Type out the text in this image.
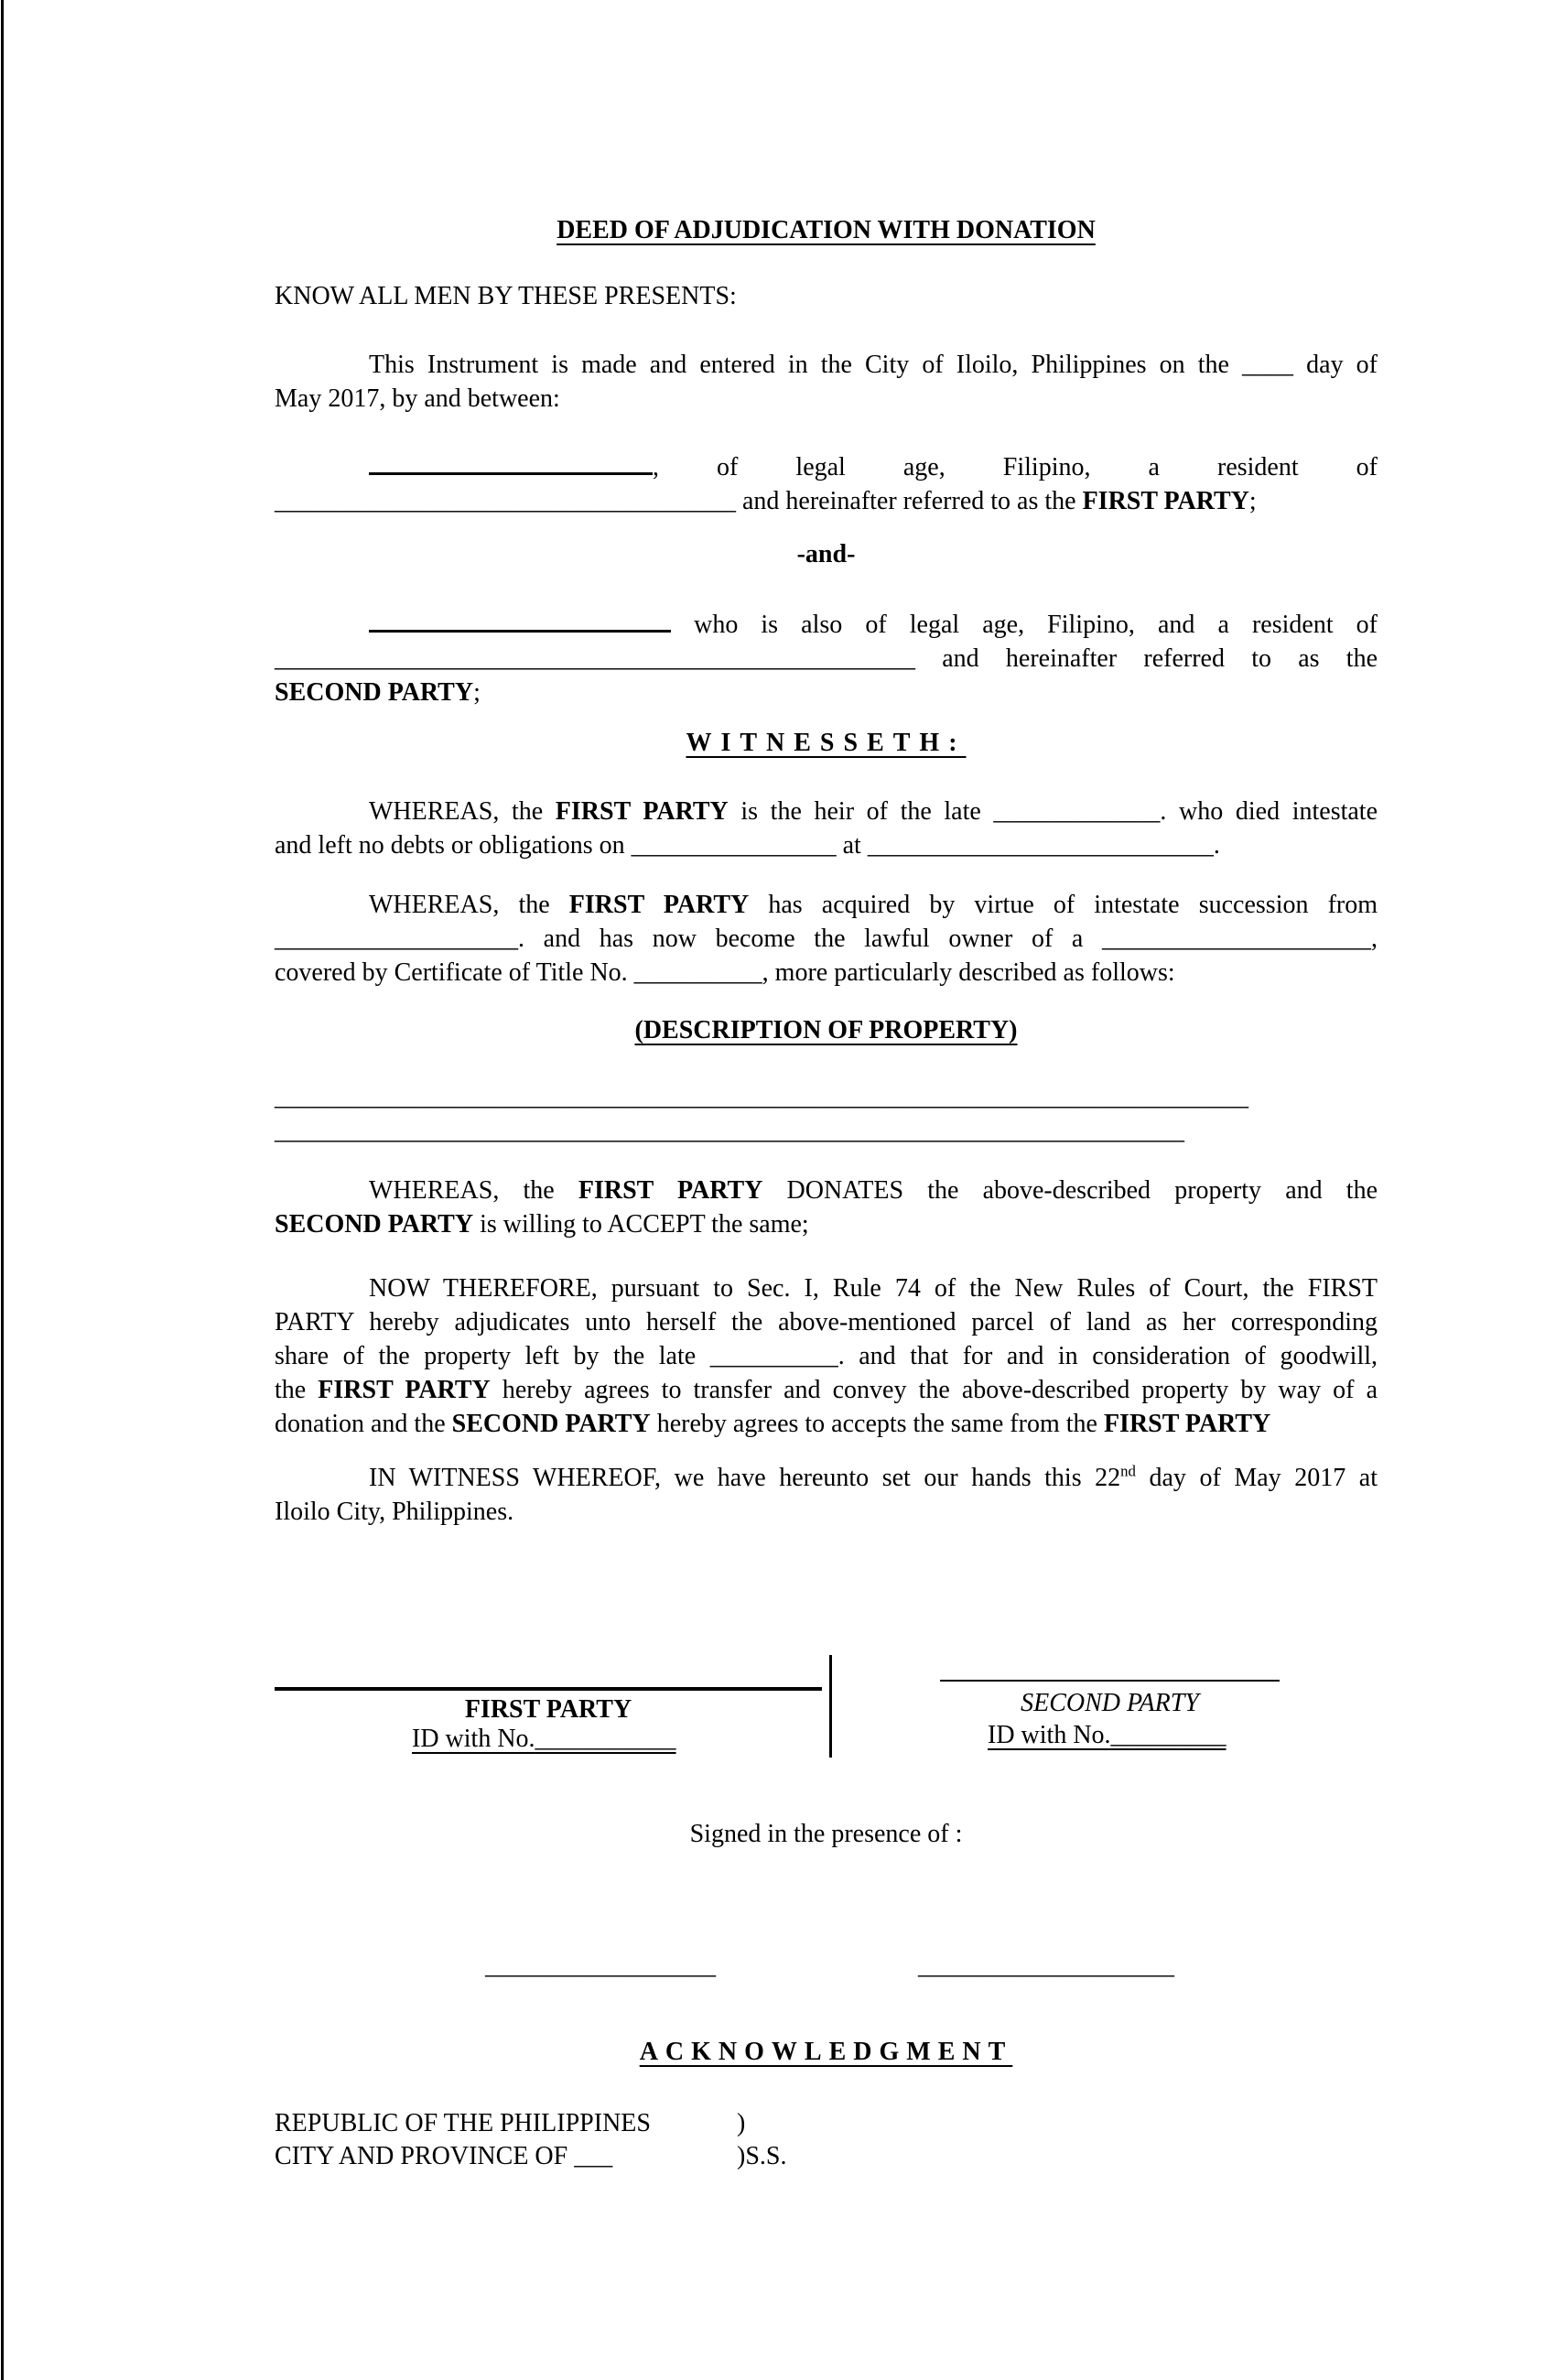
DEED OF ADJUDICATION WITH DONATION
KNOW ALL MEN BY THESE PRESENTS:
This Instrument is made and entered in the City of Iloilo, Philippines on the ____ day of
May 2017, by and between:
, of legal age, Filipino, a resident of
____________________________________ and hereinafter referred to as the FIRST PARTY;
-and-
who is also of legal age, Filipino, and a resident of
__________________________________________________ and hereinafter referred to as the
SECOND PARTY;
WITNESSETH:
WHEREAS, the FIRST PARTY is the heir of the late _____________. who died intestate
and left no debts or obligations on ________________ at ___________________________.
WHEREAS, the FIRST PARTY has acquired by virtue of intestate succession from
___________________. and has now become the lawful owner of a _____________________,
covered by Certificate of Title No. __________, more particularly described as follows:
(DESCRIPTION OF PROPERTY)
____________________________________________________________________________
_______________________________________________________________________
WHEREAS, the FIRST PARTY DONATES the above-described property and the
SECOND PARTY is willing to ACCEPT the same;
NOW THEREFORE, pursuant to Sec. I, Rule 74 of the New Rules of Court, the FIRST
PARTY hereby adjudicates unto herself the above-mentioned parcel of land as her corresponding
share of the property left by the late __________. and that for and in consideration of goodwill,
the FIRST PARTY hereby agrees to transfer and convey the above-described property by way of a
donation and the SECOND PARTY hereby agrees to accepts the same from the FIRST PARTY
IN WITNESS WHEREOF, we have hereunto set our hands this 22nd day of May 2017 at
Iloilo City, Philippines.
FIRST PARTY
ID with No.___________
SECOND PARTY
ID with No._________
Signed in the presence of :
__________________	____________________
ACKNOWLEDGMENT
REPUBLIC OF THE PHILIPPINES	)
CITY AND PROVINCE OF ___	)S.S.
